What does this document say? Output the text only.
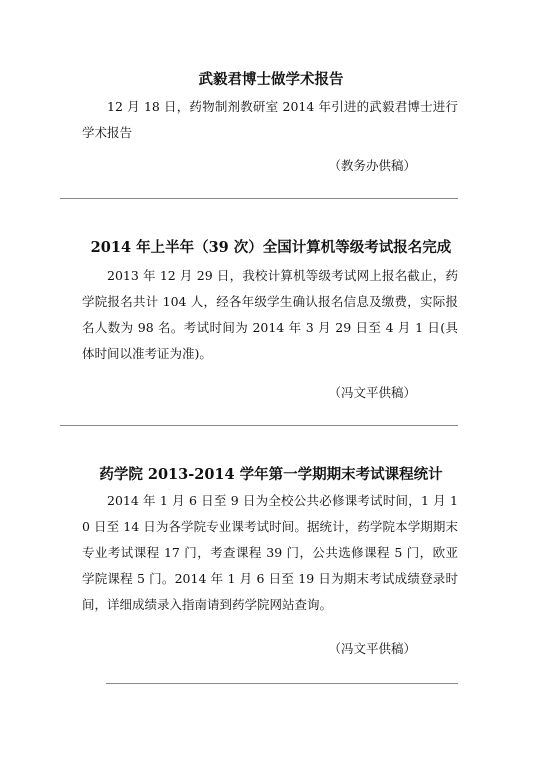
武毅君博士做学术报告
12 月 18 日，药物制剂教研室 2014 年引进的武毅君博士进行学术报告
（教务办供稿）
2014 年上半年（39 次）全国计算机等级考试报名完成
2013 年 12 月 29 日，我校计算机等级考试网上报名截止，药学院报名共计 104 人，经各年级学生确认报名信息及缴费，实际报名人数为 98 名。考试时间为 2014 年 3 月 29 日至 4 月 1 日(具体时间以准考证为准)。
（冯文平供稿）
药学院 2013-2014 学年第一学期期末考试课程统计
2014 年 1 月 6 日至 9 日为全校公共必修课考试时间，1 月 10 日至 14 日为各学院专业课考试时间。据统计，药学院本学期期末专业考试课程 17 门，考查课程 39 门，公共选修课程 5 门，欧亚学院课程 5 门。2014 年 1 月 6 日至 19 日为期末考试成绩登录时间，详细成绩录入指南请到药学院网站查询。
（冯文平供稿）
